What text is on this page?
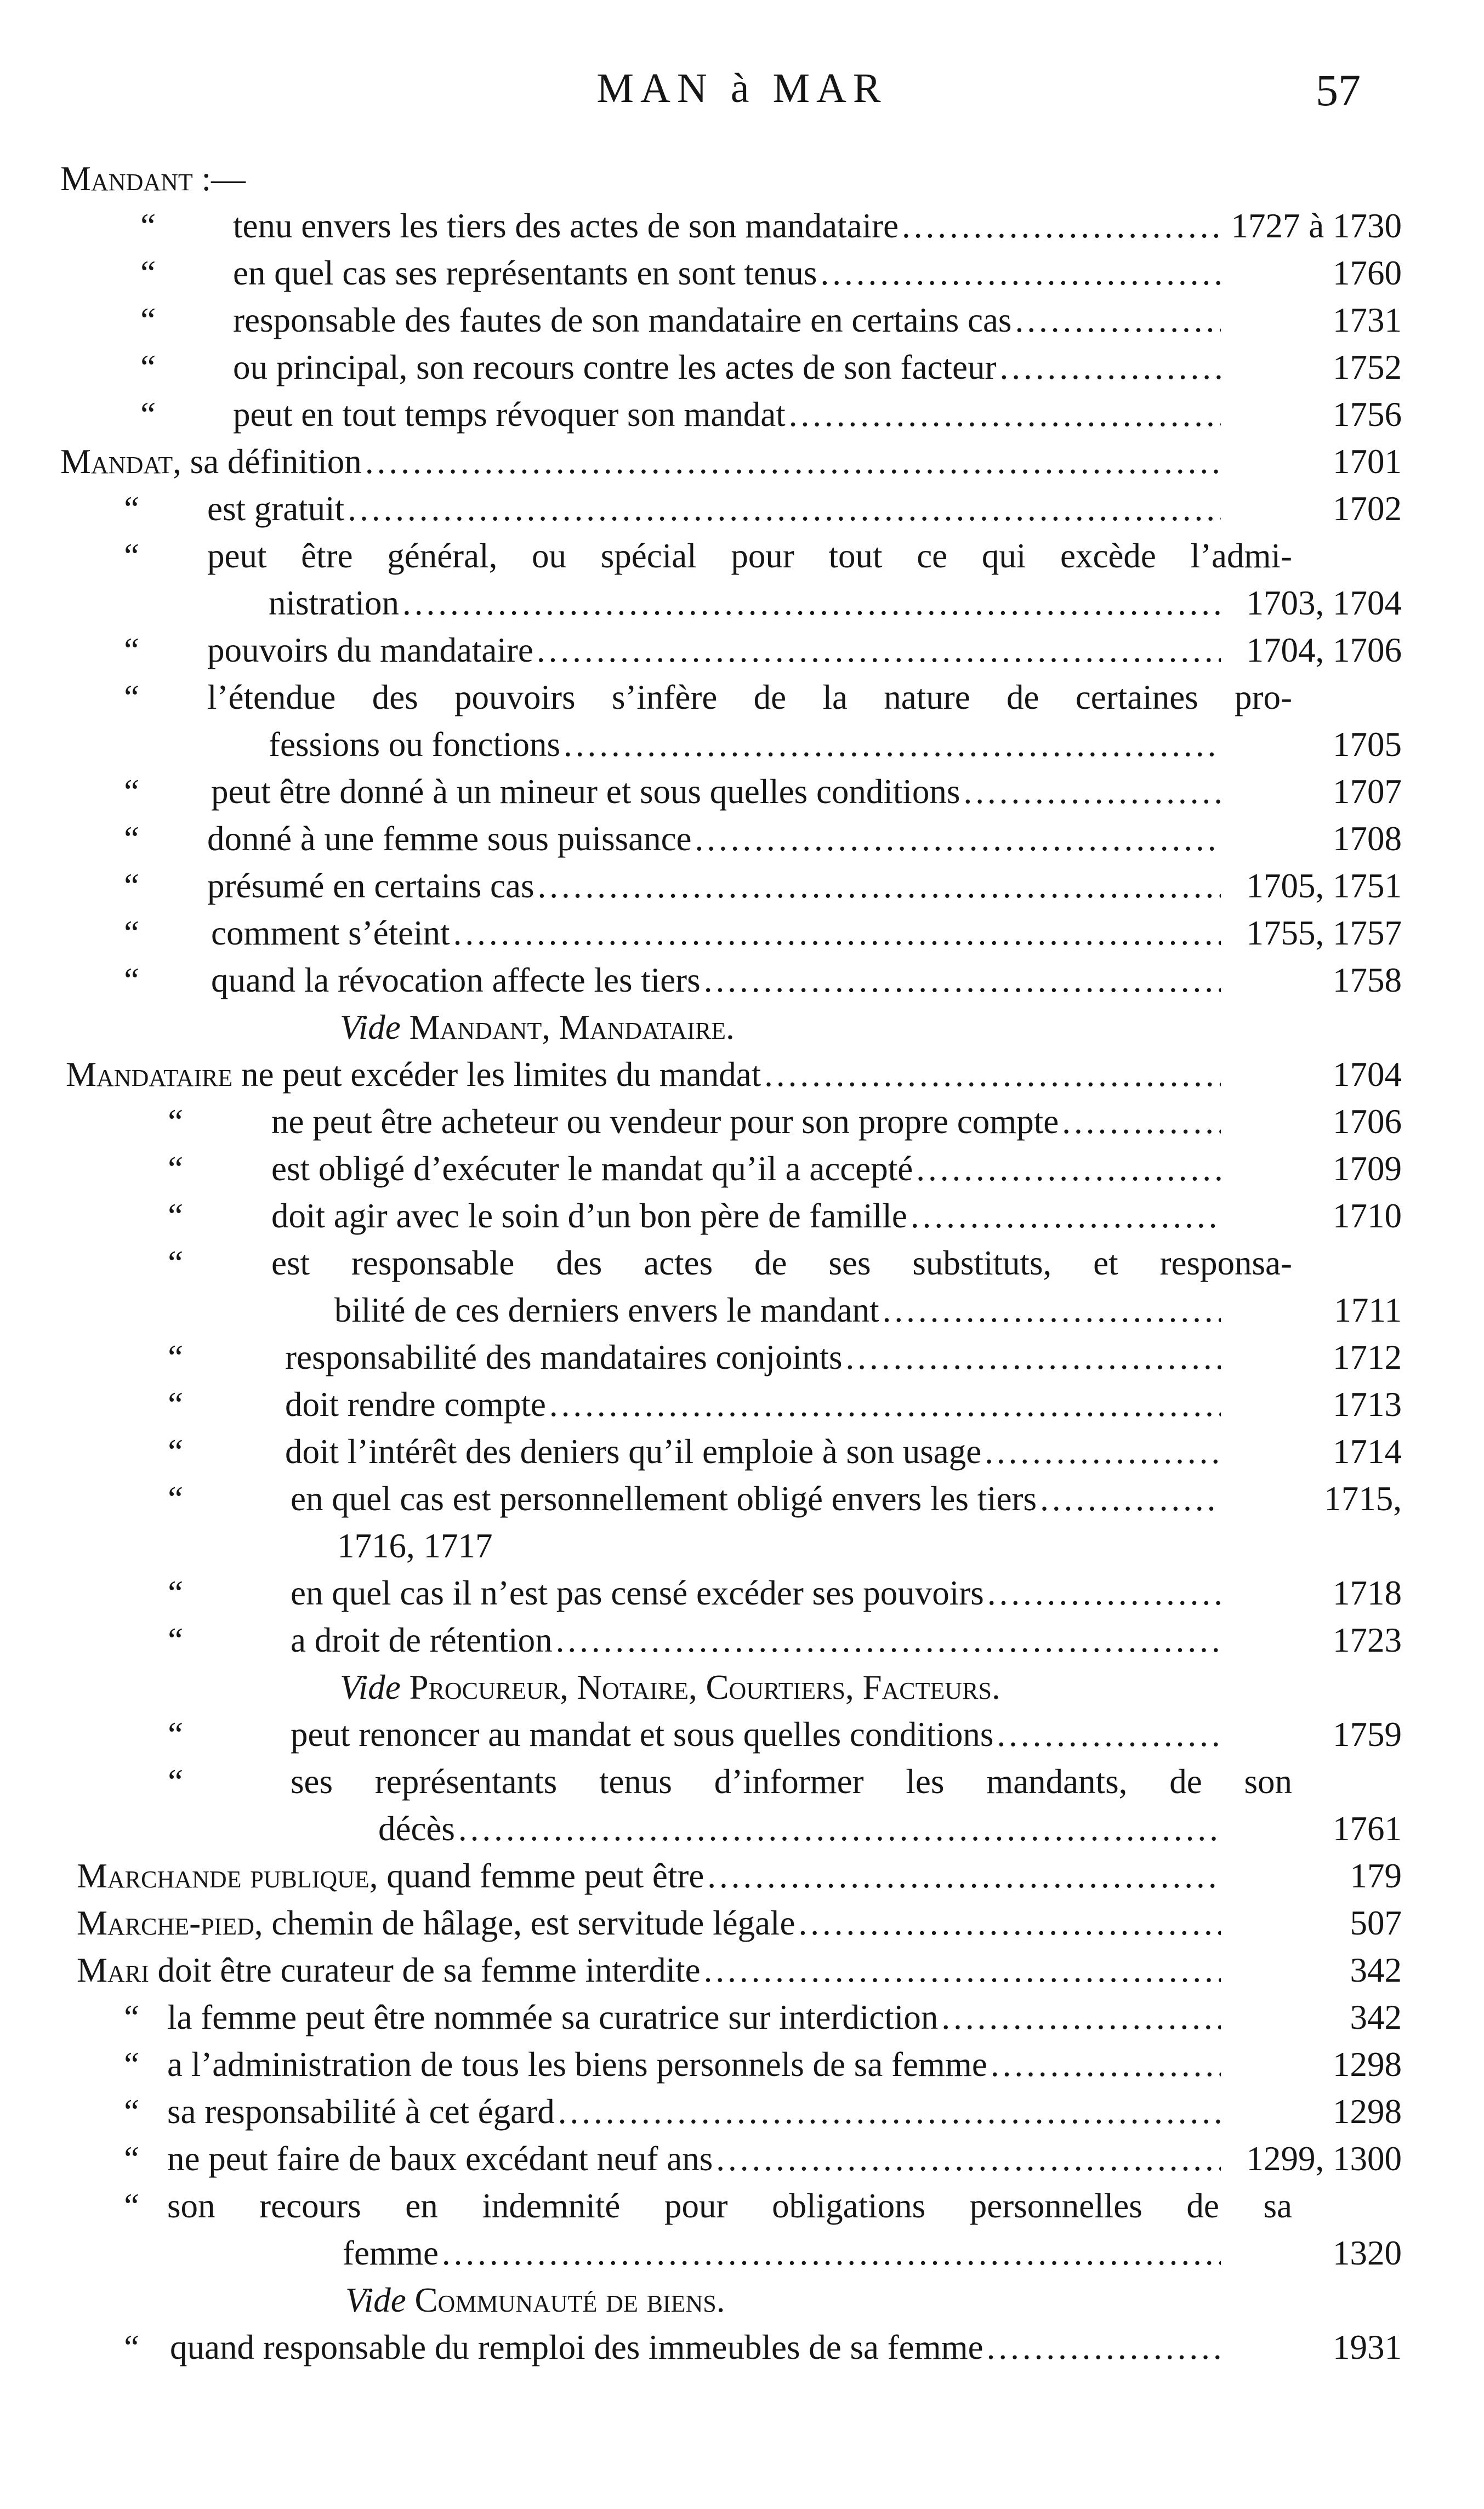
MAN à MAR	57
Mandant :—
“ tenu envers les tiers des actes de son mandataire .....	1727 à 1730
“ en quel cas ses représentants en sont tenus .....	1760
“ responsable des fautes de son mandataire en certains cas .....	1731
“ ou principal, son recours contre les actes de son facteur .....	1752
“ peut en tout temps révoquer son mandat .....	1756
Mandat, sa définition .....	1701
“ est gratuit .....	1702
“ peut être général, ou spécial pour tout ce qui excède l’admi-
nistration .....	1703, 1704
“ pouvoirs du mandataire .....	1704, 1706
“ l’étendue des pouvoirs s’infère de la nature de certaines pro-
fessions ou fonctions .....	1705
“ peut être donné à un mineur et sous quelles conditions .....	1707
“ donné à une femme sous puissance .....	1708
“ présumé en certains cas .....	1705, 1751
“ comment s’éteint .....	1755, 1757
“ quand la révocation affecte les tiers .....	1758
Vide Mandant, Mandataire.
Mandataire ne peut excéder les limites du mandat .....	1704
“	ne peut être acheteur ou vendeur pour son propre compte .....	1706
“	est obligé d’exécuter le mandat qu’il a accepté .....	1709
“	doit agir avec le soin d’un bon père de famille .....	1710
“	est responsable des actes de ses substituts, et responsa-
bilité de ces derniers envers le mandant .....	1711
“	responsabilité des mandataires conjoints .....	1712
“	doit rendre compte .....	1713
“	doit l’intérêt des deniers qu’il emploie à son usage .....	1714
“	en quel cas est personnellement obligé envers les tiers .....	1715,
1716, 1717
“	en quel cas il n’est pas censé excéder ses pouvoirs .....	1718
“	a droit de rétention .....	1723
Vide Procureur, Notaire, Courtiers, Facteurs.
“	peut renoncer au mandat et sous quelles conditions .....	1759
“	ses représentants tenus d’informer les mandants, de son
décès .....	1761
Marchande publique, quand femme peut être .....	179
Marche-pied, chemin de hâlage, est servitude légale .....	507
Mari doit être curateur de sa femme interdite .....	342
“ la femme peut être nommée sa curatrice sur interdiction .....	342
“ a l’administration de tous les biens personnels de sa femme .....	1298
“ sa responsabilité à cet égard .....	1298
“ ne peut faire de baux excédant neuf ans .....	1299, 1300
“ son recours en indemnité pour obligations personnelles de sa
femme .....	1320
Vide Communauté de biens.
“ quand responsable du remploi des immeubles de sa femme .....	1931
